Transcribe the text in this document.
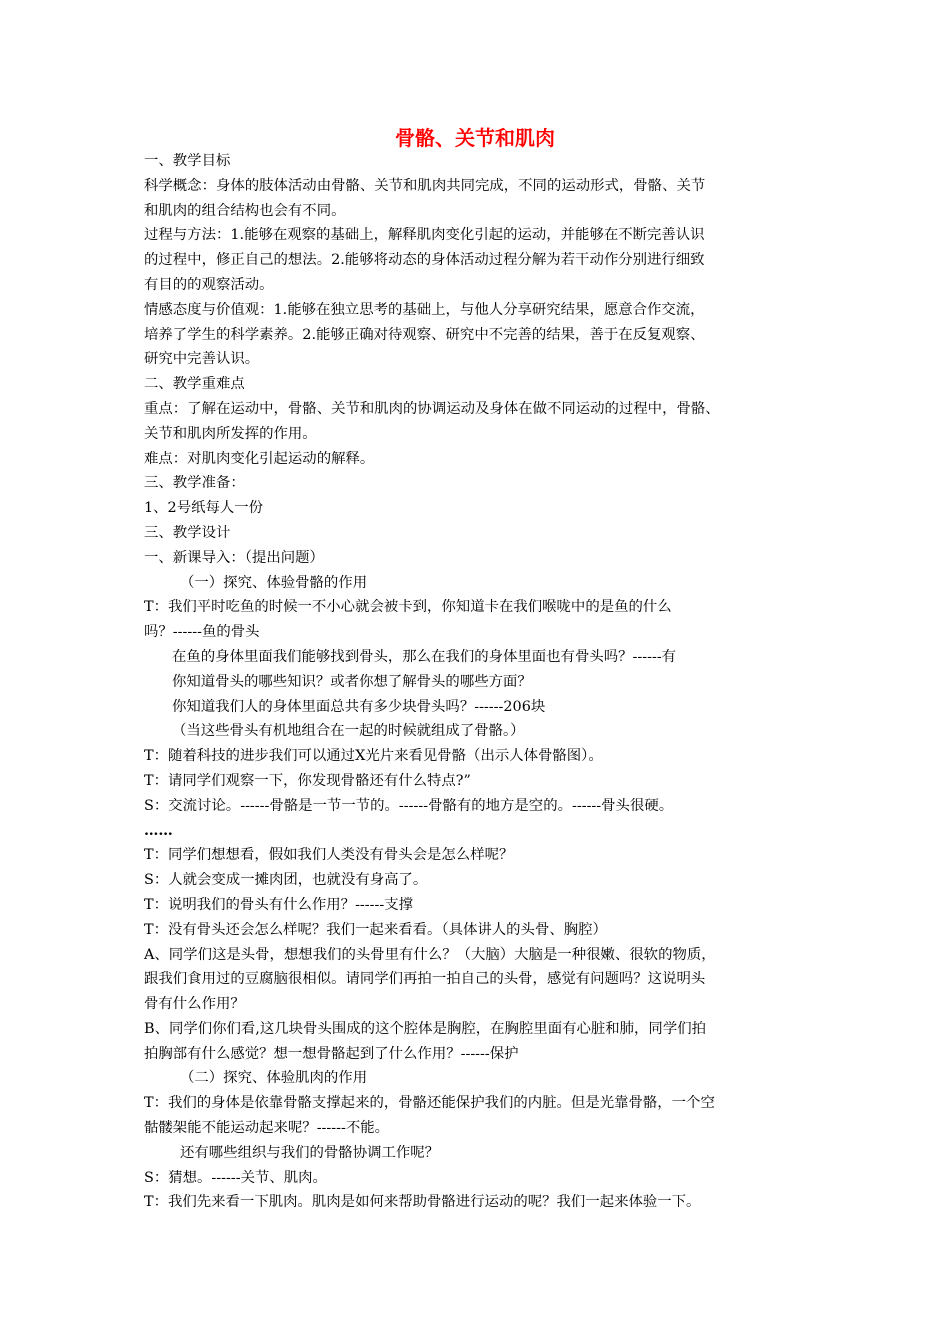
骨骼、关节和肌肉
一、教学目标
科学概念：身体的肢体活动由骨骼、关节和肌肉共同完成，不同的运动形式，骨骼、关节
和肌肉的组合结构也会有不同。
过程与方法：1.能够在观察的基础上，解释肌肉变化引起的运动，并能够在不断完善认识
的过程中，修正自己的想法。2.能够将动态的身体活动过程分解为若干动作分别进行细致
有目的的观察活动。
情感态度与价值观：1.能够在独立思考的基础上，与他人分享研究结果，愿意合作交流，
培养了学生的科学素养。2.能够正确对待观察、研究中不完善的结果，善于在反复观察、
研究中完善认识。
二、教学重难点
重点：了解在运动中，骨骼、关节和肌肉的协调运动及身体在做不同运动的过程中，骨骼、
关节和肌肉所发挥的作用。
难点：对肌肉变化引起运动的解释。
三、教学准备：
1、2号纸每人一份
三、教学设计
一、新课导入：（提出问题）
（一）探究、体验骨骼的作用
T：我们平时吃鱼的时候一不小心就会被卡到，你知道卡在我们喉咙中的是鱼的什么
吗？------鱼的骨头
在鱼的身体里面我们能够找到骨头，那么在我们的身体里面也有骨头吗？------有
你知道骨头的哪些知识？或者你想了解骨头的哪些方面？
你知道我们人的身体里面总共有多少块骨头吗？------206块
（当这些骨头有机地组合在一起的时候就组成了骨骼。）
T：随着科技的进步我们可以通过X光片来看见骨骼（出示人体骨骼图）。
T：请同学们观察一下，你发现骨骼还有什么特点?”
S：交流讨论。------骨骼是一节一节的。------骨骼有的地方是空的。------骨头很硬。
……
T：同学们想想看，假如我们人类没有骨头会是怎么样呢？
S：人就会变成一摊肉团，也就没有身高了。
T：说明我们的骨头有什么作用？------支撑
T：没有骨头还会怎么样呢？我们一起来看看。（具体讲人的头骨、胸腔）
A、同学们这是头骨，想想我们的头骨里有什么？（大脑）大脑是一种很嫩、很软的物质，
跟我们食用过的豆腐脑很相似。请同学们再拍一拍自己的头骨，感觉有问题吗？这说明头
骨有什么作用？
B、同学们你们看,这几块骨头围成的这个腔体是胸腔，在胸腔里面有心脏和肺，同学们拍
拍胸部有什么感觉？想一想骨骼起到了什么作用？------保护
（二）探究、体验肌肉的作用
T：我们的身体是依靠骨骼支撑起来的，骨骼还能保护我们的内脏。但是光靠骨骼，一个空
骷髅架能不能运动起来呢？------不能。
还有哪些组织与我们的骨骼协调工作呢？
S：猜想。------关节、肌肉。
T：我们先来看一下肌肉。肌肉是如何来帮助骨骼进行运动的呢？我们一起来体验一下。
